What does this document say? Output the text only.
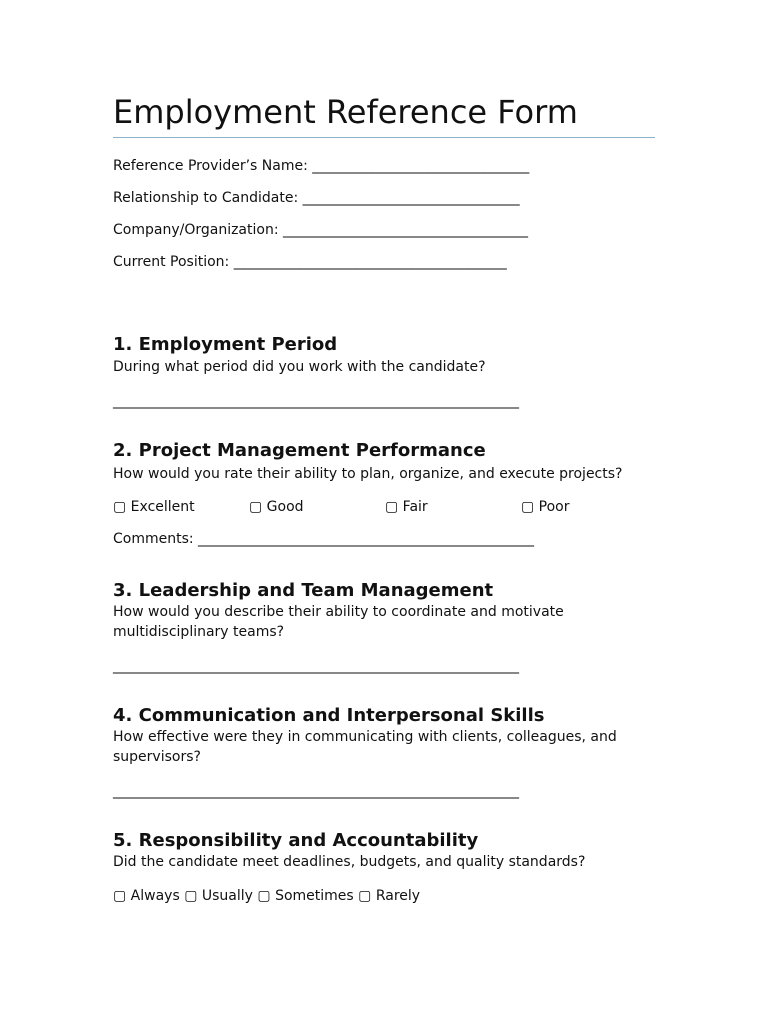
Employment Reference Form
Reference Provider’s Name: _______________________________
Relationship to Candidate: _______________________________
Company/Organization: ___________________________________
Current Position: _______________________________________
1. Employment Period
During what period did you work with the candidate?
__________________________________________________________
2. Project Management Performance
How would you rate their ability to plan, organize, and execute projects?
▢ Excellent	▢ Good	▢ Fair	▢ Poor
Comments: ________________________________________________
3. Leadership and Team Management
How would you describe their ability to coordinate and motivate multidisciplinary teams?
__________________________________________________________
4. Communication and Interpersonal Skills
How effective were they in communicating with clients, colleagues, and supervisors?
__________________________________________________________
5. Responsibility and Accountability
Did the candidate meet deadlines, budgets, and quality standards?
▢ Always ▢ Usually ▢ Sometimes ▢ Rarely
